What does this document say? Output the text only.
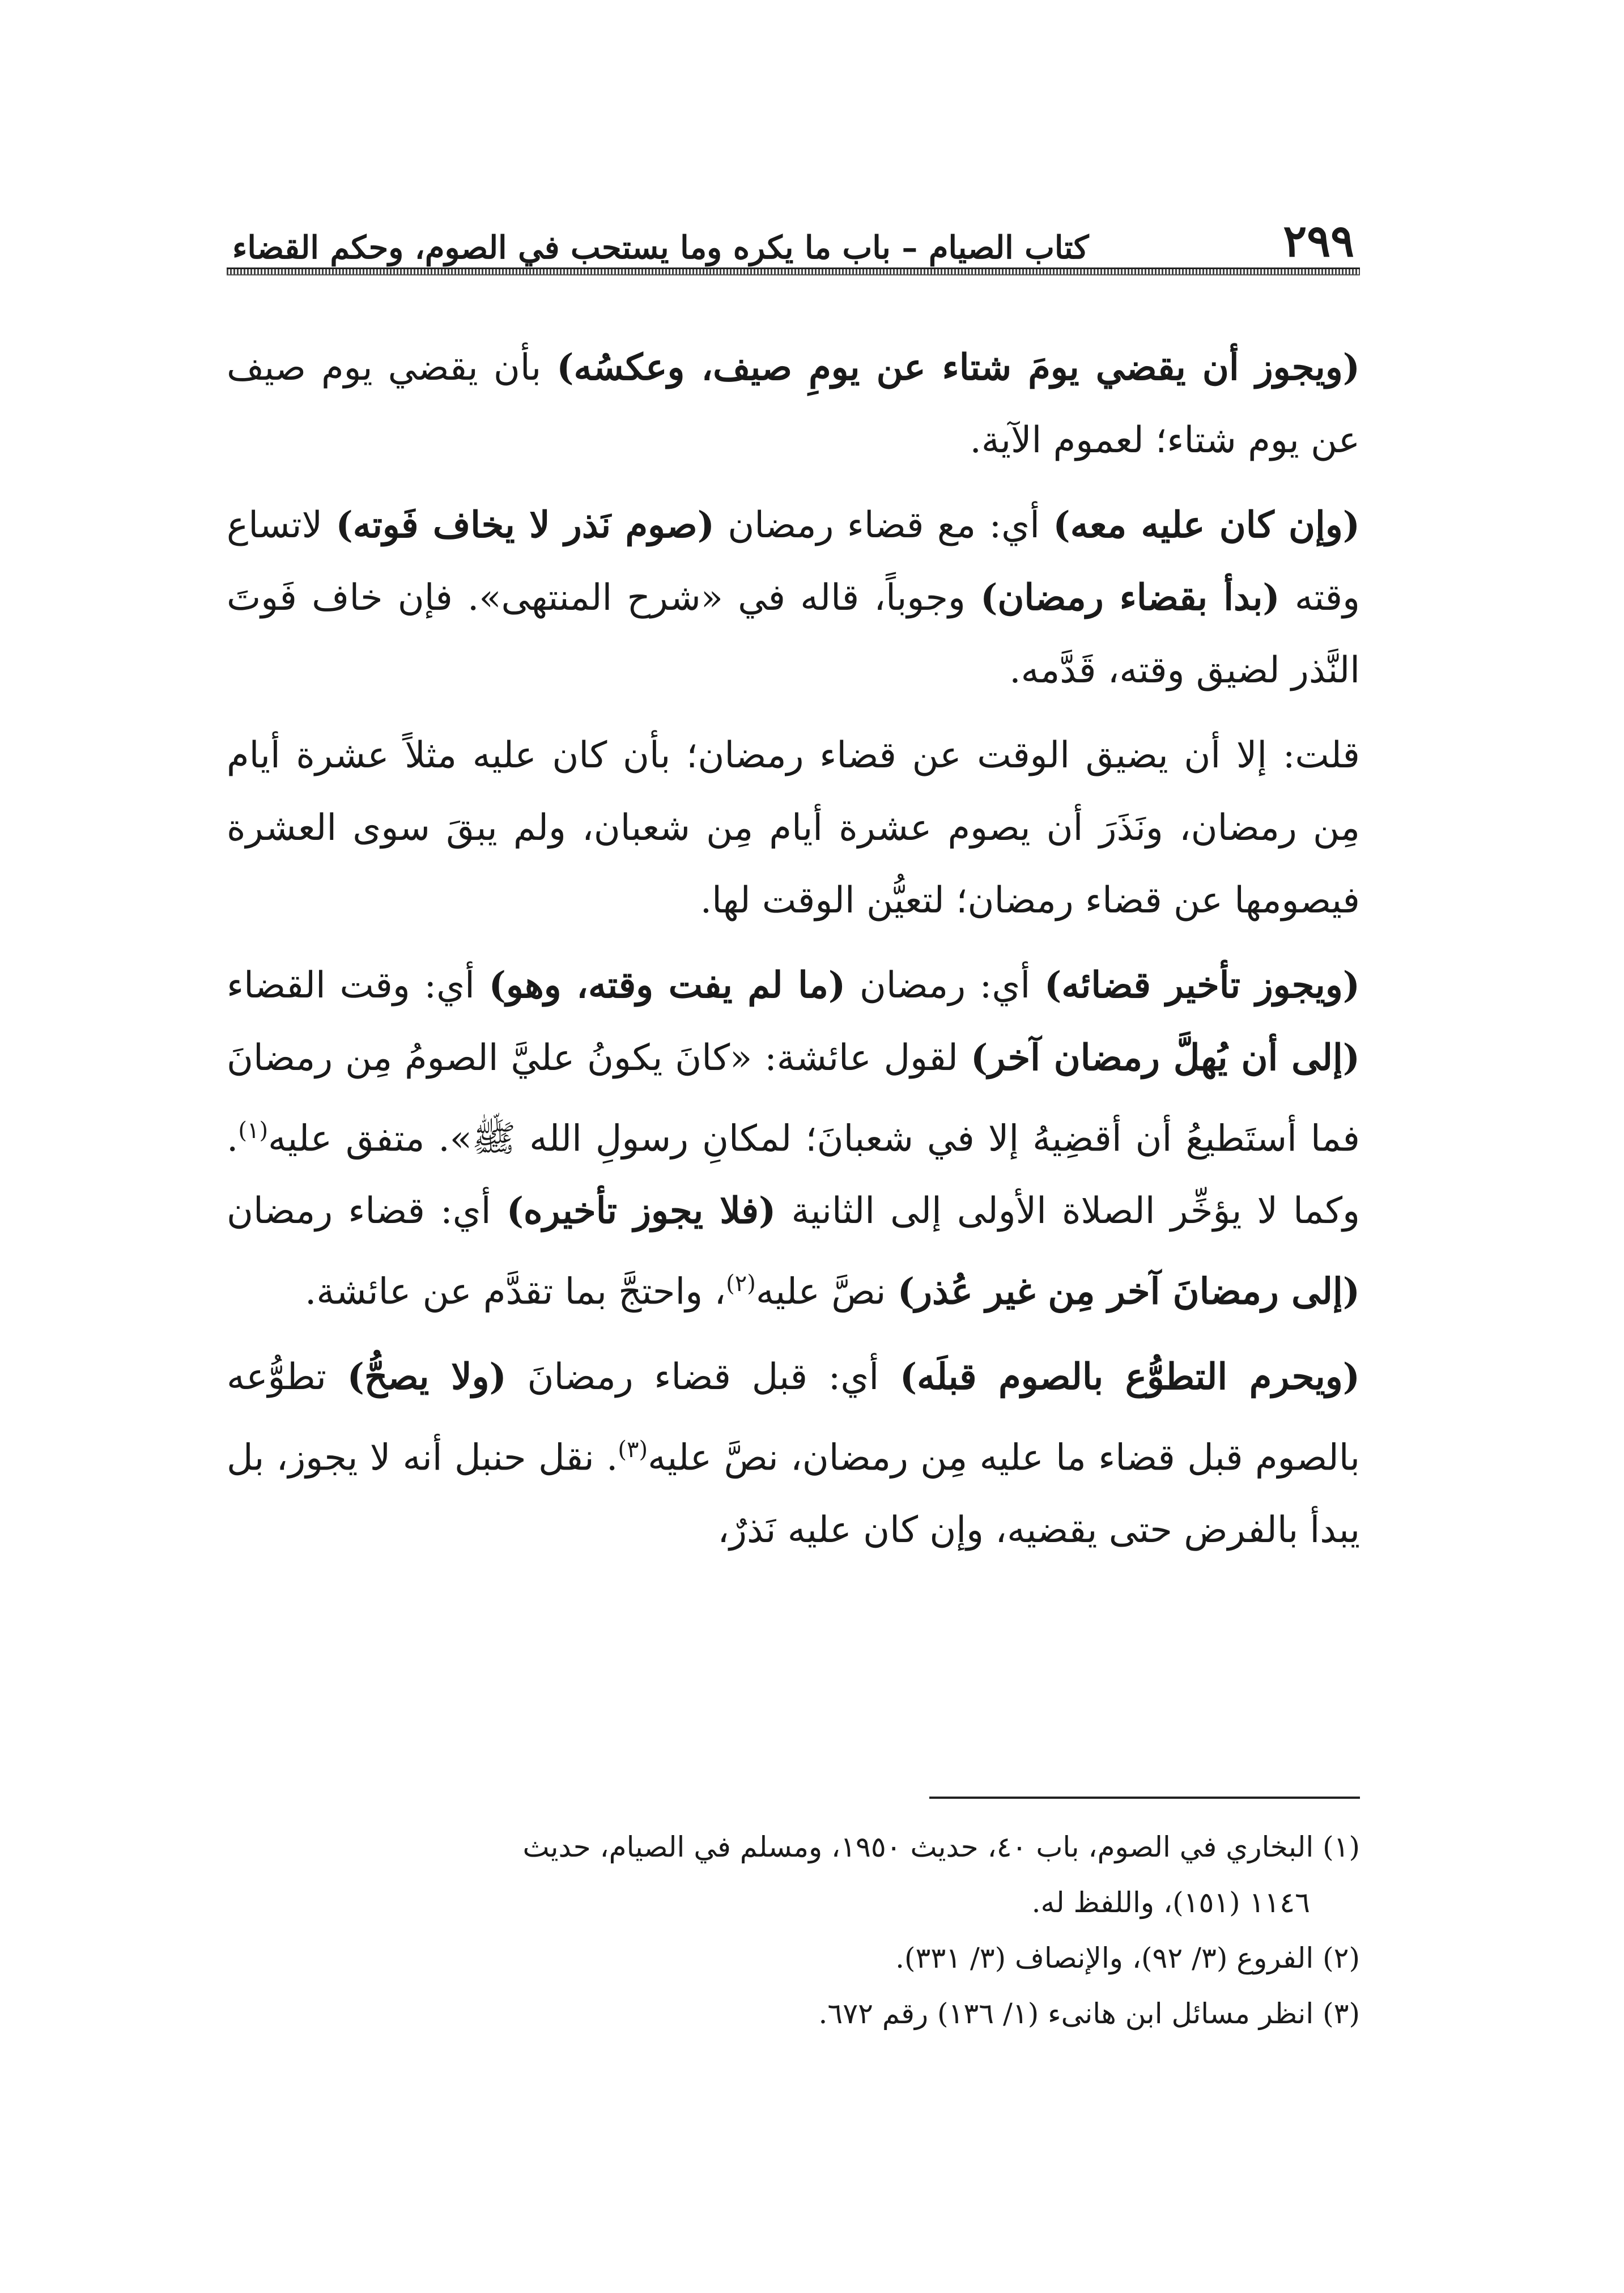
٢٩٩
كتاب الصيام – باب ما يكره وما يستحب في الصوم، وحكم القضاء

(ويجوز أن يقضي يومَ شتاء عن يومِ صيف، وعكسُه) بأن يقضي يوم صيف عن يوم شتاء؛ لعموم الآية.

(وإن كان عليه معه) أي: مع قضاء رمضان (صوم نَذر لا يخاف فَوته) لاتساع وقته (بدأ بقضاء رمضان) وجوباً، قاله في «شرح المنتهى». فإن خاف فَوتَ النَّذر لضيق وقته، قَدَّمه.

قلت: إلا أن يضيق الوقت عن قضاء رمضان؛ بأن كان عليه مثلاً عشرة أيام مِن رمضان، ونَذَرَ أن يصوم عشرة أيام مِن شعبان، ولم يبقَ سوى العشرة فيصومها عن قضاء رمضان؛ لتعيُّن الوقت لها.

(ويجوز تأخير قضائه) أي: رمضان (ما لم يفت وقته، وهو) أي: وقت القضاء (إلى أن يُهلَّ رمضان آخر) لقول عائشة: «كانَ يكونُ عليَّ الصومُ مِن رمضانَ فما أستَطيعُ أن أقضِيهُ إلا في شعبانَ؛ لمكانِ رسولِ الله ﷺ». متفق عليه$^{(١)}$. وكما لا يؤخِّر الصلاة الأولى إلى الثانية (فلا يجوز تأخيره) أي: قضاء رمضان (إلى رمضانَ آخر مِن غير عُذر) نصَّ عليه$^{(٢)}$، واحتجَّ بما تقدَّم عن عائشة.

(ويحرم التطوُّع بالصوم قبلَه) أي: قبل قضاء رمضانَ (ولا يصحُّ) تطوُّعه بالصوم قبل قضاء ما عليه مِن رمضان، نصَّ عليه$^{(٣)}$. نقل حنبل أنه لا يجوز، بل يبدأ بالفرض حتى يقضيه، وإن كان عليه نَذرٌ،

(١) البخاري في الصوم، باب ٤٠، حديث ١٩٥٠، ومسلم في الصيام، حديث
١١٤٦ (١٥١)، واللفظ له.
(٢) الفروع (٣/ ٩٢)، والإنصاف (٣/ ٣٣١).
(٣) انظر مسائل ابن هانىء (١/ ١٣٦) رقم ٦٧٢.
